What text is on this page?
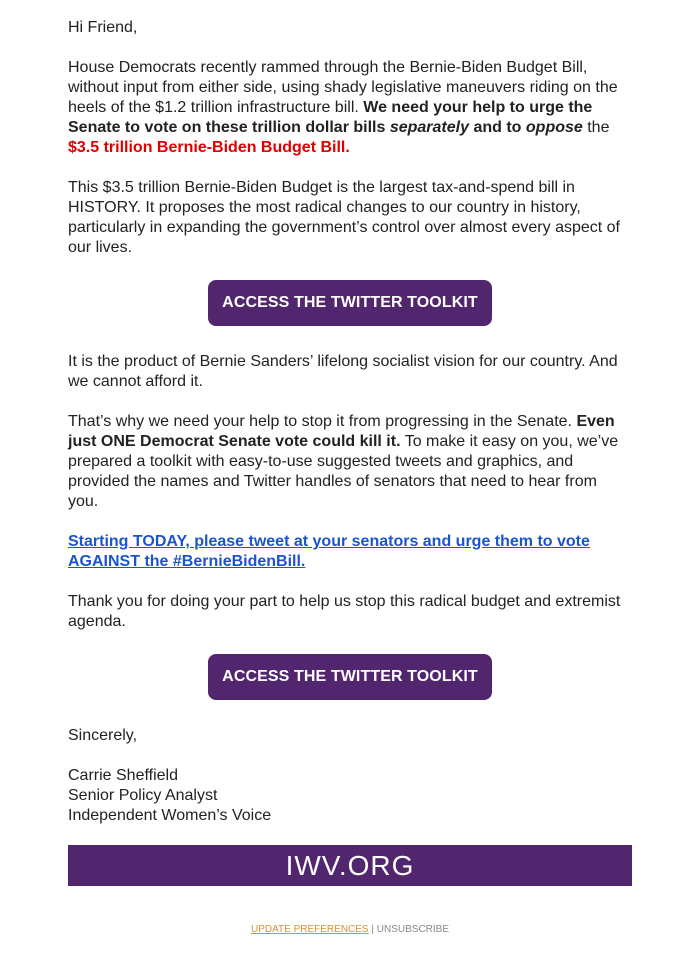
Hi Friend,

House Democrats recently rammed through the Bernie-Biden Budget Bill, without input from either side, using shady legislative maneuvers riding on the heels of the $1.2 trillion infrastructure bill. We need your help to urge the Senate to vote on these trillion dollar bills separately and to oppose the $3.5 trillion Bernie-Biden Budget Bill.

This $3.5 trillion Bernie-Biden Budget is the largest tax-and-spend bill in HISTORY. It proposes the most radical changes to our country in history, particularly in expanding the government’s control over almost every aspect of our lives.

ACCESS THE TWITTER TOOLKIT

It is the product of Bernie Sanders’ lifelong socialist vision for our country. And we cannot afford it.

That’s why we need your help to stop it from progressing in the Senate. Even just ONE Democrat Senate vote could kill it. To make it easy on you, we’ve prepared a toolkit with easy-to-use suggested tweets and graphics, and provided the names and Twitter handles of senators that need to hear from you.

Starting TODAY, please tweet at your senators and urge them to vote AGAINST the #BernieBidenBill.

Thank you for doing your part to help us stop this radical budget and extremist agenda.

ACCESS THE TWITTER TOOLKIT

Sincerely,

Carrie Sheffield
Senior Policy Analyst
Independent Women’s Voice

IWV.ORG
UPDATE PREFERENCES | UNSUBSCRIBE
